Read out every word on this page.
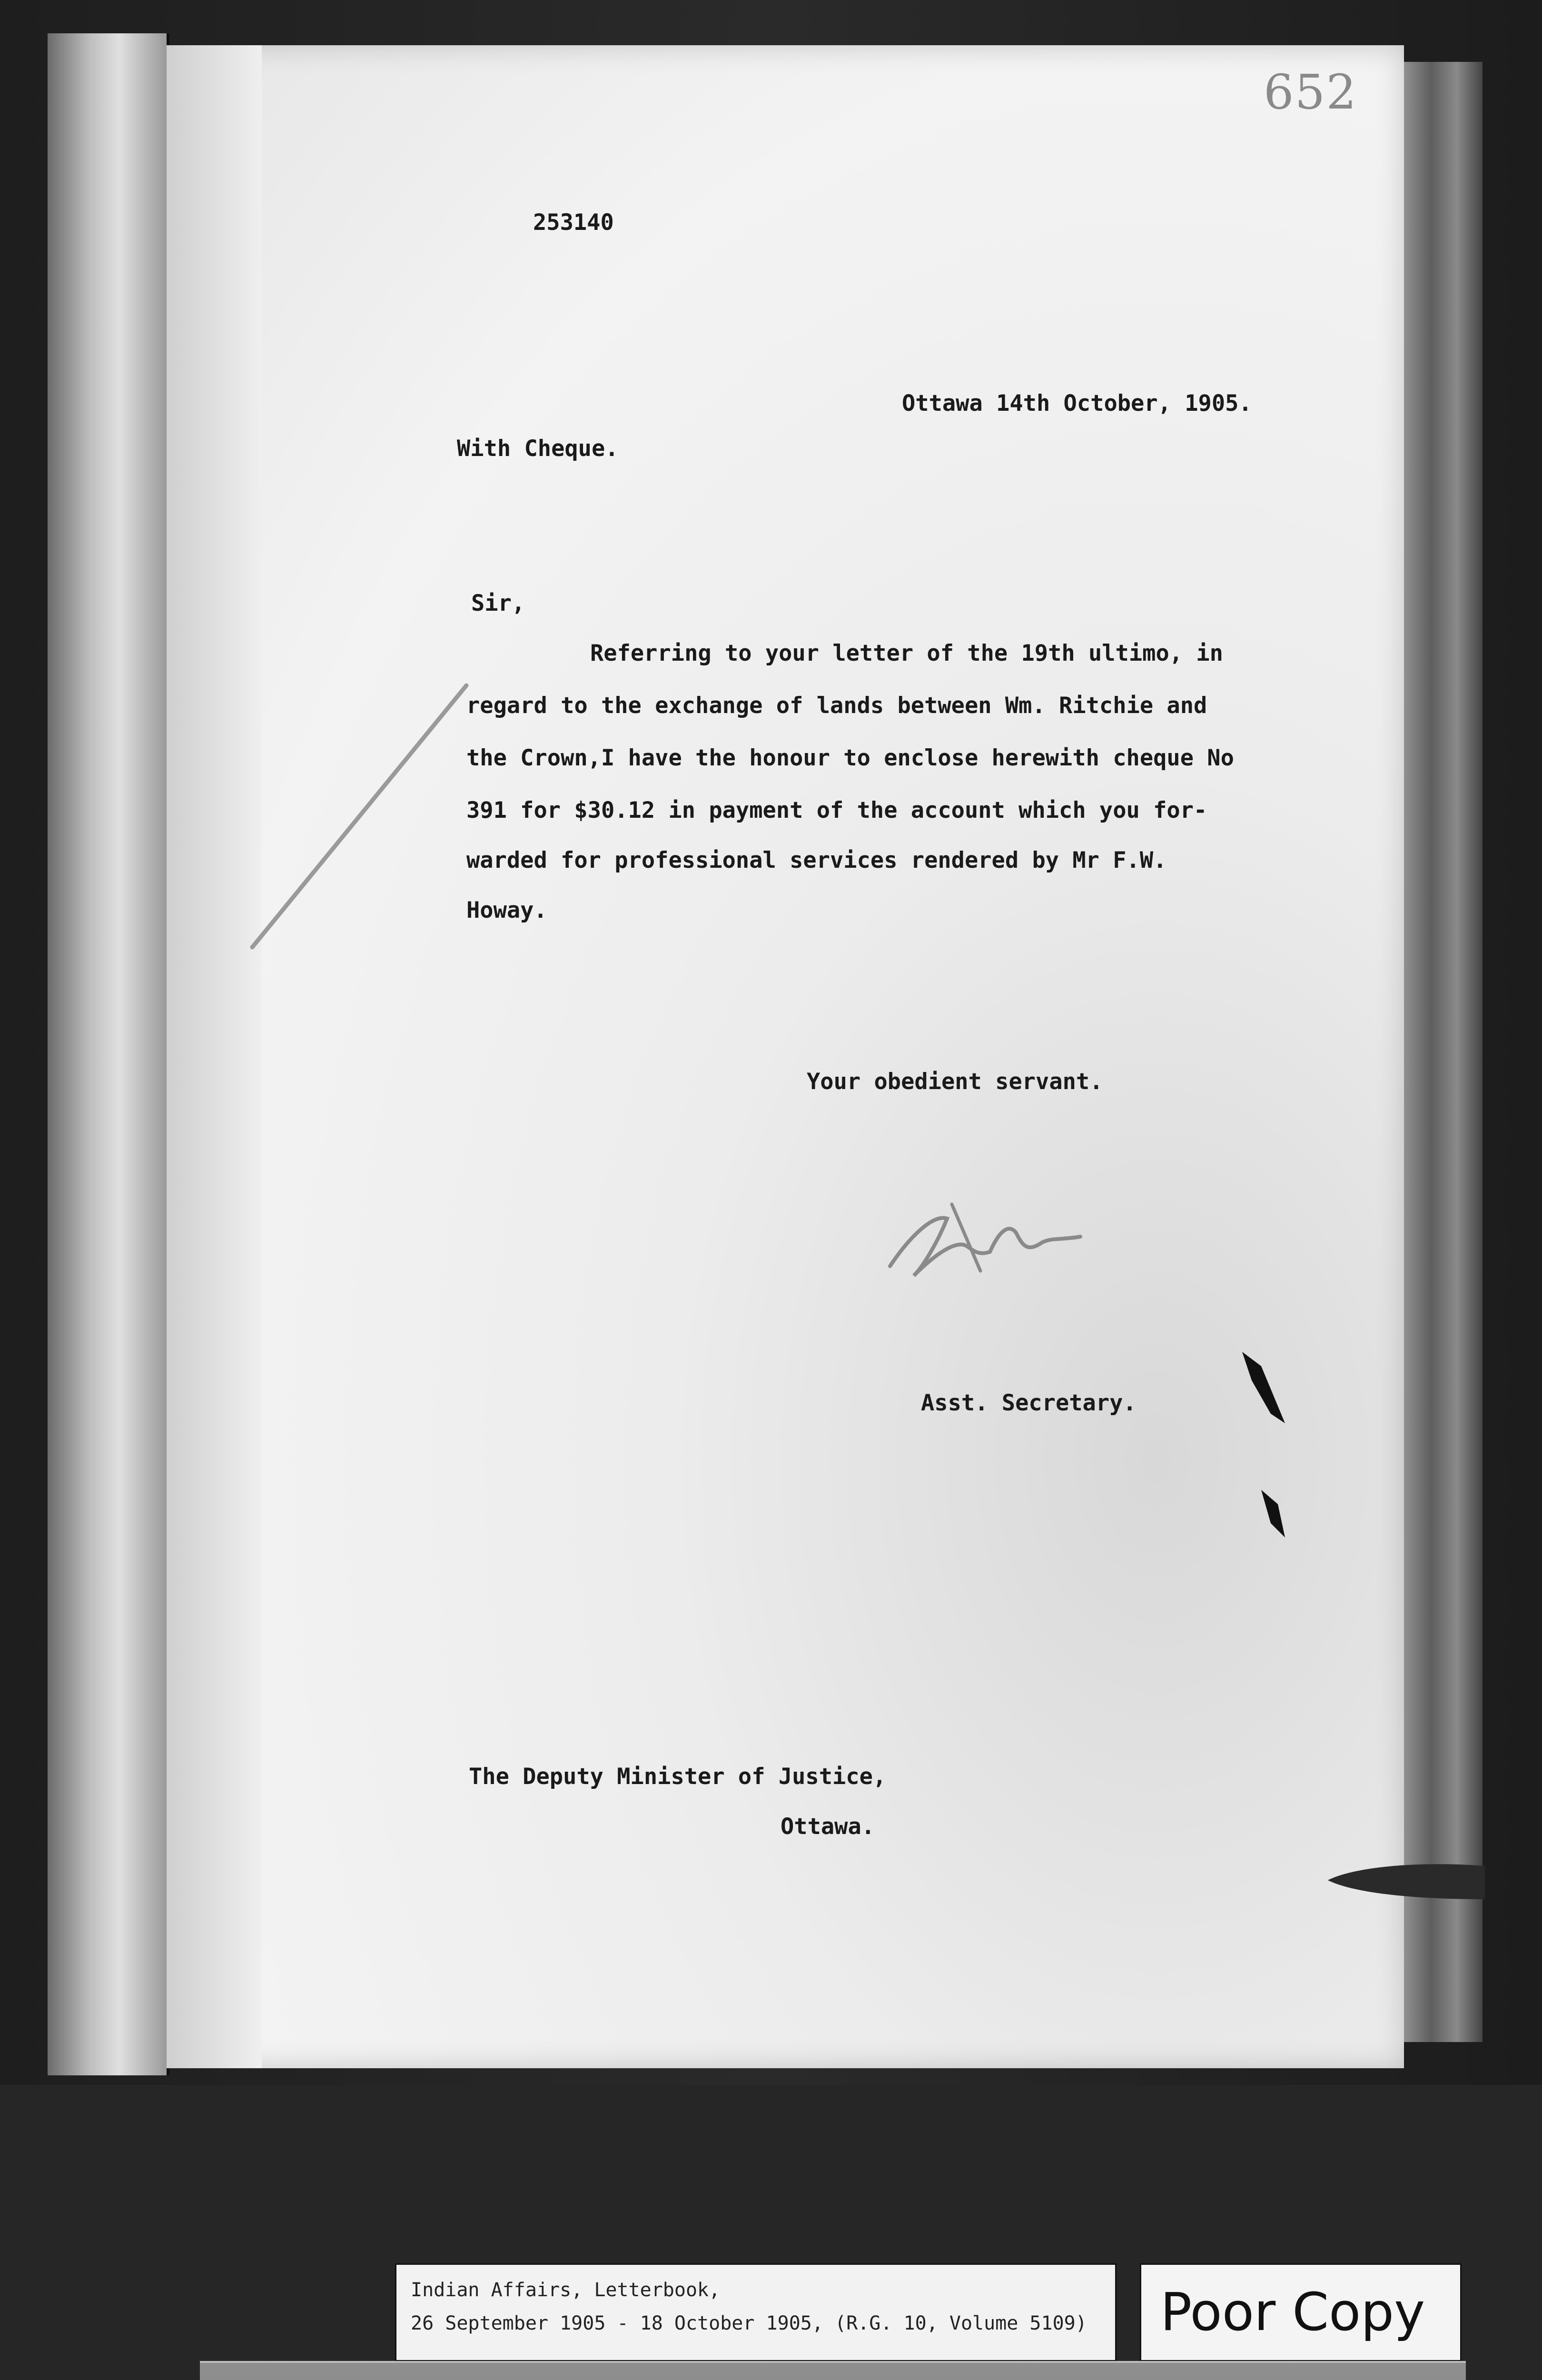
652
253140
Ottawa 14th October, 1905.
With Cheque.
Sir,
Referring to your letter of the 19th ultimo, in
regard to the exchange of lands between Wm. Ritchie and
the Crown,I have the honour to enclose herewith cheque No
391 for $30.12 in payment of the account which you for-
warded for professional services rendered by Mr F.W.
Howay.
Your obedient servant.
Asst. Secretary.
The Deputy Minister of Justice,
Ottawa.
Indian Affairs, Letterbook,
26 September 1905 - 18 October 1905, (R.G. 10, Volume 5109) Poor Copy
